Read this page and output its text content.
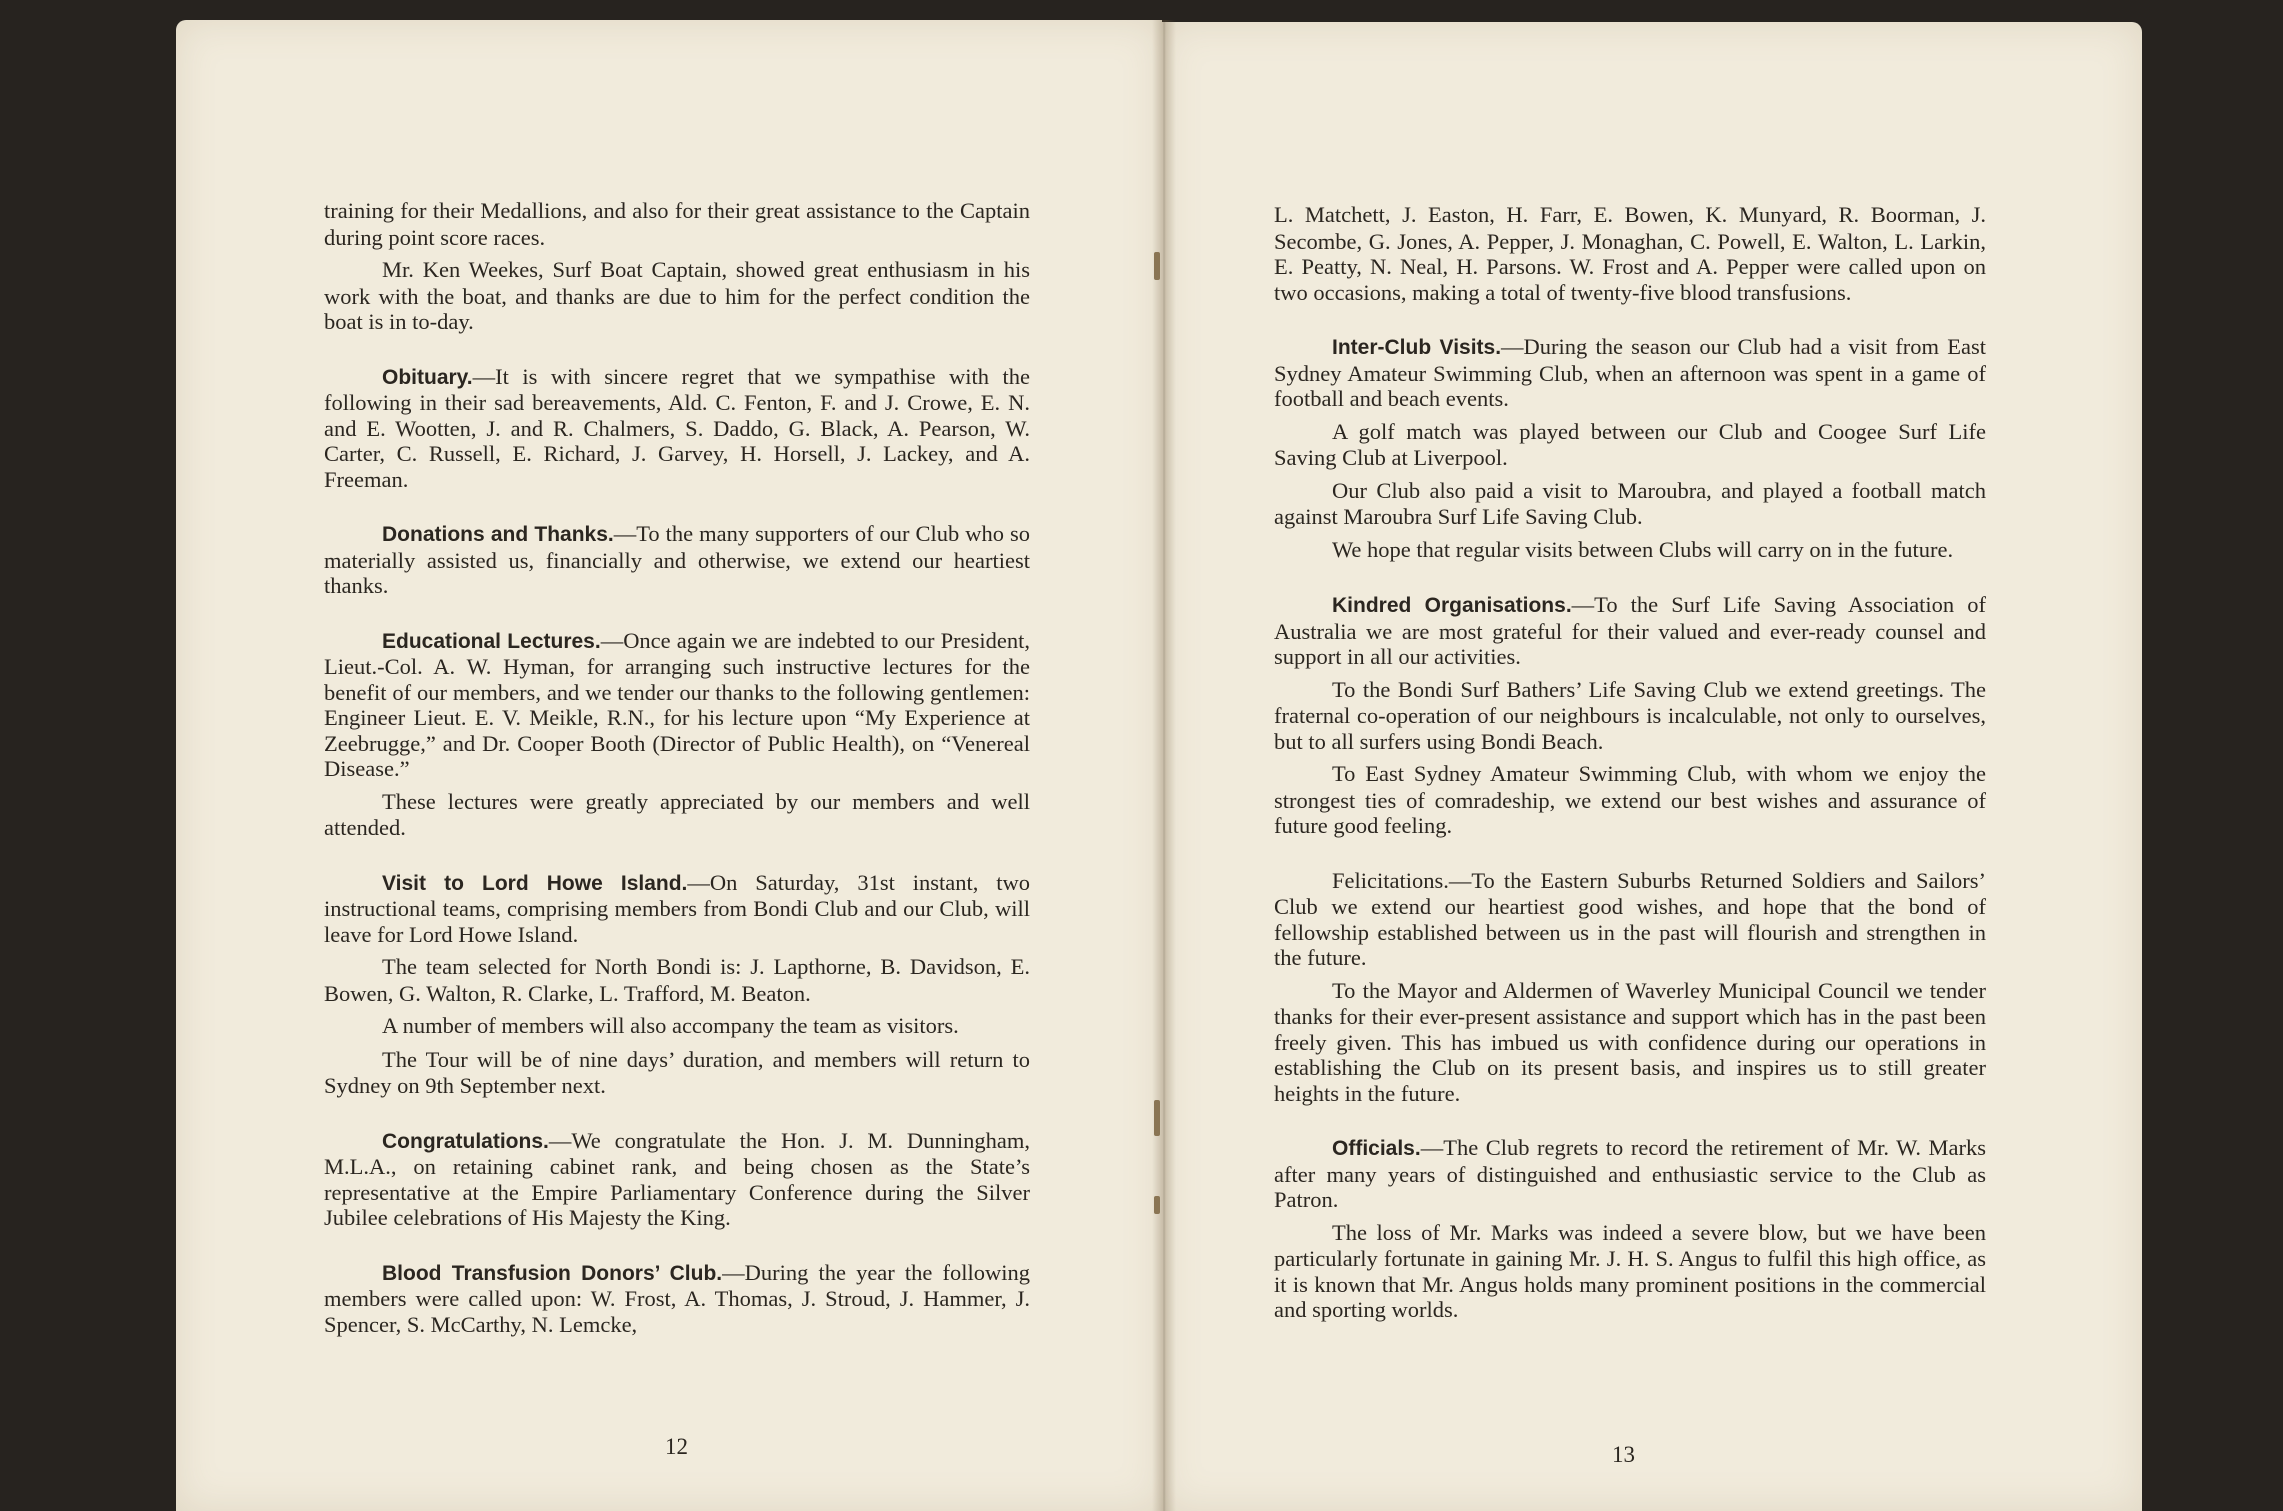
training for their Medallions, and also for their great assistance to the Captain during point score races.

Mr. Ken Weekes, Surf Boat Captain, showed great enthusiasm in his work with the boat, and thanks are due to him for the perfect condition the boat is in to-day.

Obituary.—It is with sincere regret that we sympathise with the following in their sad bereavements, Ald. C. Fenton, F. and J. Crowe, E. N. and E. Wootten, J. and R. Chalmers, S. Daddo, G. Black, A. Pearson, W. Carter, C. Russell, E. Richard, J. Garvey, H. Horsell, J. Lackey, and A. Freeman.

Donations and Thanks.—To the many supporters of our Club who so materially assisted us, financially and otherwise, we extend our heartiest thanks.

Educational Lectures.—Once again we are indebted to our President, Lieut.-Col. A. W. Hyman, for arranging such instructive lectures for the benefit of our members, and we tender our thanks to the following gentlemen: Engineer Lieut. E. V. Meikle, R.N., for his lecture upon “My Experience at Zeebrugge,” and Dr. Cooper Booth (Director of Public Health), on “Venereal Disease.”

These lectures were greatly appreciated by our members and well attended.

Visit to Lord Howe Island.—On Saturday, 31st instant, two instructional teams, comprising members from Bondi Club and our Club, will leave for Lord Howe Island.

The team selected for North Bondi is: J. Lapthorne, B. Davidson, E. Bowen, G. Walton, R. Clarke, L. Trafford, M. Beaton.

A number of members will also accompany the team as visitors.

The Tour will be of nine days’ duration, and members will return to Sydney on 9th September next.

Congratulations.—We congratulate the Hon. J. M. Dunningham, M.L.A., on retaining cabinet rank, and being chosen as the State’s representative at the Empire Parliamentary Conference during the Silver Jubilee celebrations of His Majesty the King.

Blood Transfusion Donors’ Club.—During the year the following members were called upon: W. Frost, A. Thomas, J. Stroud, J. Hammer, J. Spencer, S. McCarthy, N. Lemcke,

12

L. Matchett, J. Easton, H. Farr, E. Bowen, K. Munyard, R. Boorman, J. Secombe, G. Jones, A. Pepper, J. Monaghan, C. Powell, E. Walton, L. Larkin, E. Peatty, N. Neal, H. Parsons. W. Frost and A. Pepper were called upon on two occasions, making a total of twenty-five blood transfusions.

Inter-Club Visits.—During the season our Club had a visit from East Sydney Amateur Swimming Club, when an afternoon was spent in a game of football and beach events.

A golf match was played between our Club and Coogee Surf Life Saving Club at Liverpool.

Our Club also paid a visit to Maroubra, and played a football match against Maroubra Surf Life Saving Club.

We hope that regular visits between Clubs will carry on in the future.

Kindred Organisations.—To the Surf Life Saving Association of Australia we are most grateful for their valued and ever-ready counsel and support in all our activities.

To the Bondi Surf Bathers’ Life Saving Club we extend greetings. The fraternal co-operation of our neighbours is incalculable, not only to ourselves, but to all surfers using Bondi Beach.

To East Sydney Amateur Swimming Club, with whom we enjoy the strongest ties of comradeship, we extend our best wishes and assurance of future good feeling.

Felicitations.—To the Eastern Suburbs Returned Soldiers and Sailors’ Club we extend our heartiest good wishes, and hope that the bond of fellowship established between us in the past will flourish and strengthen in the future.

To the Mayor and Aldermen of Waverley Municipal Council we tender thanks for their ever-present assistance and support which has in the past been freely given. This has imbued us with confidence during our operations in establishing the Club on its present basis, and inspires us to still greater heights in the future.

Officials.—The Club regrets to record the retirement of Mr. W. Marks after many years of distinguished and enthusiastic service to the Club as Patron.

The loss of Mr. Marks was indeed a severe blow, but we have been particularly fortunate in gaining Mr. J. H. S. Angus to fulfil this high office, as it is known that Mr. Angus holds many prominent positions in the commercial and sporting worlds.

13
